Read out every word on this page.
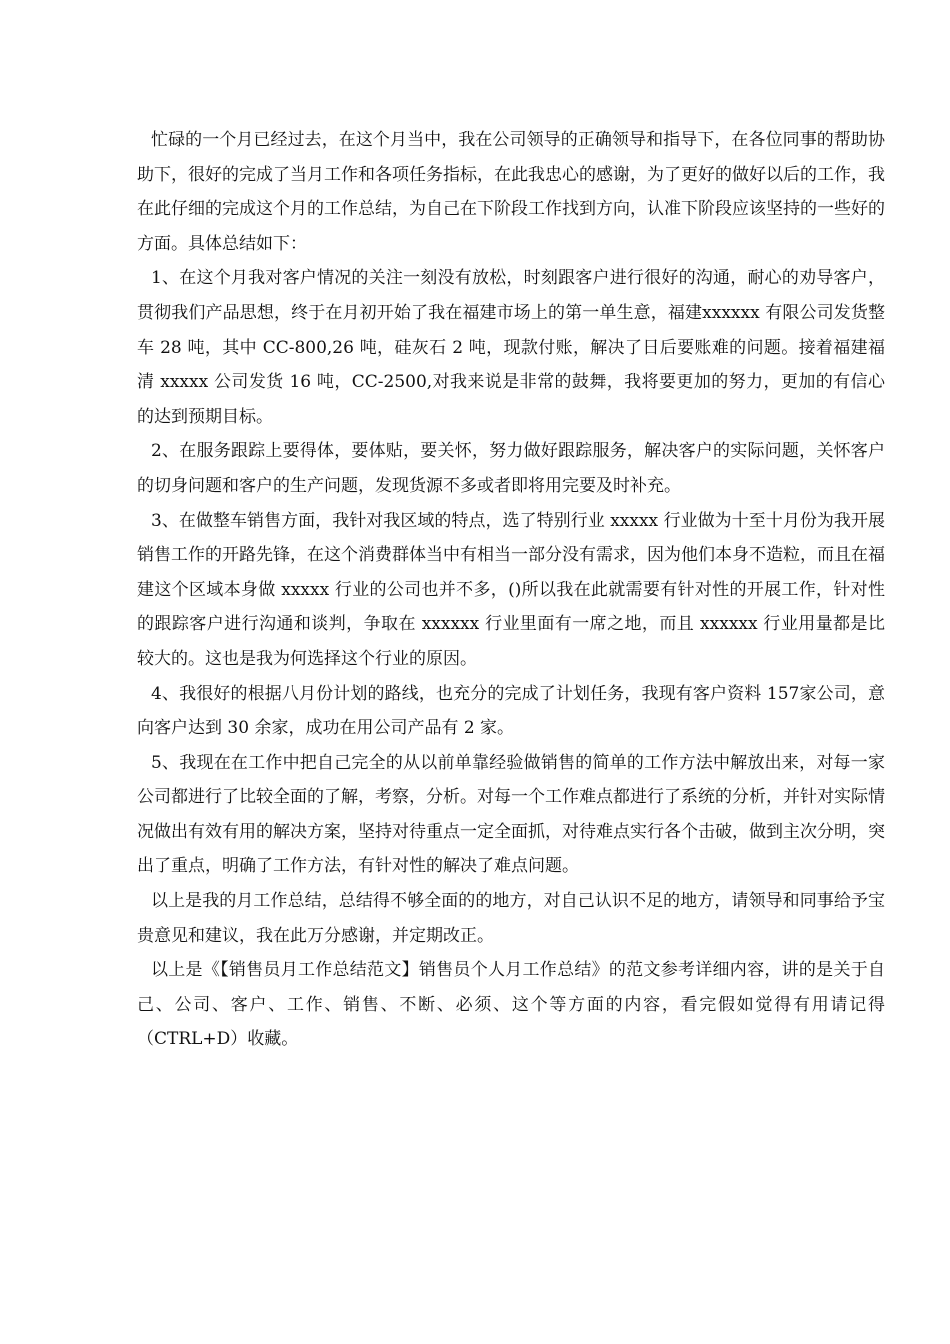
忙碌的一个月已经过去，在这个月当中，我在公司领导的正确领导和指导下，在各位同事的帮助协助下，很好的完成了当月工作和各项任务指标，在此我忠心的感谢，为了更好的做好以后的工作，我在此仔细的完成这个月的工作总结，为自己在下阶段工作找到方向，认准下阶段应该坚持的一些好的方面。具体总结如下：

1、在这个月我对客户情况的关注一刻没有放松，时刻跟客户进行很好的沟通，耐心的劝导客户，贯彻我们产品思想，终于在月初开始了我在福建市场上的第一单生意，福建xxxxxx 有限公司发货整车 28 吨，其中 CC-800,26 吨，硅灰石 2 吨，现款付账，解决了日后要账难的问题。接着福建福清 xxxxx 公司发货 16 吨，CC-2500,对我来说是非常的鼓舞，我将要更加的努力，更加的有信心的达到预期目标。

2、在服务跟踪上要得体，要体贴，要关怀，努力做好跟踪服务，解决客户的实际问题，关怀客户的切身问题和客户的生产问题，发现货源不多或者即将用完要及时补充。

3、在做整车销售方面，我针对我区域的特点，选了特别行业 xxxxx 行业做为十至十月份为我开展销售工作的开路先锋，在这个消费群体当中有相当一部分没有需求，因为他们本身不造粒，而且在福建这个区域本身做 xxxxx 行业的公司也并不多，()所以我在此就需要有针对性的开展工作，针对性的跟踪客户进行沟通和谈判，争取在 xxxxxx 行业里面有一席之地，而且 xxxxxx 行业用量都是比较大的。这也是我为何选择这个行业的原因。

4、我很好的根据八月份计划的路线，也充分的完成了计划任务，我现有客户资料 157家公司，意向客户达到 30 余家，成功在用公司产品有 2 家。

5、我现在在工作中把自己完全的从以前单靠经验做销售的简单的工作方法中解放出来，对每一家公司都进行了比较全面的了解，考察，分析。对每一个工作难点都进行了系统的分析，并针对实际情况做出有效有用的解决方案，坚持对待重点一定全面抓，对待难点实行各个击破，做到主次分明，突出了重点，明确了工作方法，有针对性的解决了难点问题。

以上是我的月工作总结，总结得不够全面的的地方，对自己认识不足的地方，请领导和同事给予宝贵意见和建议，我在此万分感谢，并定期改正。

以上是《【销售员月工作总结范文】销售员个人月工作总结》的范文参考详细内容，讲的是关于自己、公司、客户、工作、销售、不断、必须、这个等方面的内容，看完假如觉得有用请记得（CTRL+D）收藏。
